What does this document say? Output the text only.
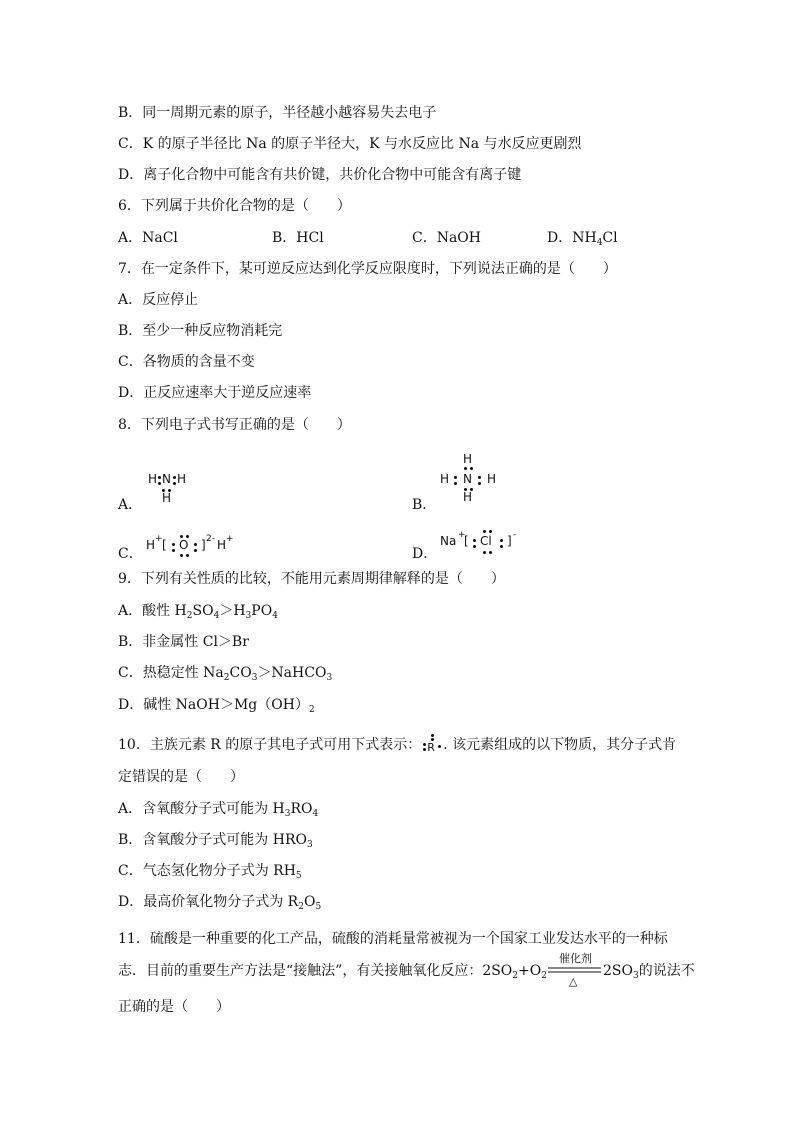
B．同一周期元素的原子，半径越小越容易失去电子
C．K 的原子半径比 Na 的原子半径大，K 与水反应比 Na 与水反应更剧烈
D．离子化合物中可能含有共价键，共价化合物中可能含有离子键
6．下列属于共价化合物的是（　　）
A．NaCl	B．HCl	C．NaOH	D．$NH_4Cl$
7．在一定条件下，某可逆反应达到化学反应限度时，下列说法正确的是（　　）
A．反应停止
B．至少一种反应物消耗完
C．各物质的含量不变
D．正反应速率大于逆反应速率
8．下列电子式书写正确的是（　　）
A．
H N H
H	B．
H
H N H
H
C．
H + [ O ] 2- H +
D．
Na +
[ Cl ] -
9．下列有关性质的比较，不能用元素周期律解释的是（　　）
A．酸性 $H_2SO_4>H_3PO_4$
B．非金属性 Cl＞Br
C．热稳定性 $Na_2CO_3>NaHCO_3$
D．碱性 $NaOH>Mg(OH)_2$
10．主族元素 R 的原子其电子式可用下式表示： R . 该元素组成的以下物质，其分子式肯
定错误的是（　　）
A．含氧酸分子式可能为 $H_3RO_4$
B．含氧酸分子式可能为 $HRO_3$
C．气态氢化物分子式为 $RH_5$
D．最高价氧化物分子式为 $R_2O_5$
11．硫酸是一种重要的化工产品，硫酸的消耗量常被视为一个国家工业发达水平的一种标
志．目前的重要生产方法是“接触法”，有关接触氧化反应：$2SO_2+O_2$
催化剂
△
$2SO_3$的说法不
正确的是（　　）
